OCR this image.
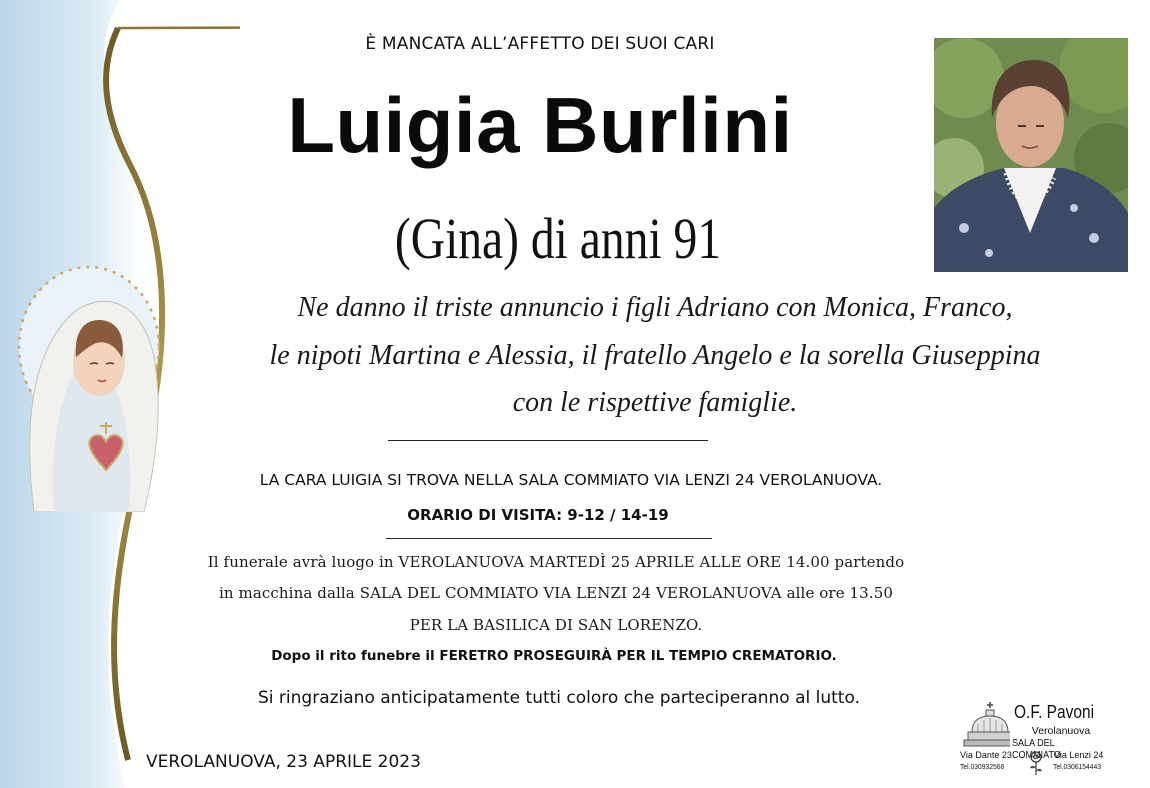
È MANCATA ALL’AFFETTO DEI SUOI CARI
Luigia Burlini
(Gina) di anni 91
Ne danno il triste annuncio i figli Adriano con Monica, Franco,
le nipoti Martina e Alessia, il fratello Angelo e la sorella Giuseppina
con le rispettive famiglie.
LA CARA LUIGIA SI TROVA NELLA SALA COMMIATO VIA LENZI 24 VEROLANUOVA.
ORARIO DI VISITA: 9-12 / 14-19
Il funerale avrà luogo in VEROLANUOVA MARTEDÌ 25 APRILE ALLE ORE 14.00 partendo
in macchina dalla SALA DEL COMMIATO VIA LENZI 24 VEROLANUOVA alle ore 13.50
PER LA BASILICA DI SAN LORENZO.
Dopo il rito funebre il FERETRO PROSEGUIRÀ PER IL TEMPIO CREMATORIO.
Si ringraziano anticipatamente tutti coloro che parteciperanno al lutto.
VEROLANUOVA, 23 APRILE 2023
O.F. Pavoni
Verolanuova
SALA DEL COMMIATO
Via Dante 23
Tel.030932568
Via Lenzi 24
Tel.0306154443
